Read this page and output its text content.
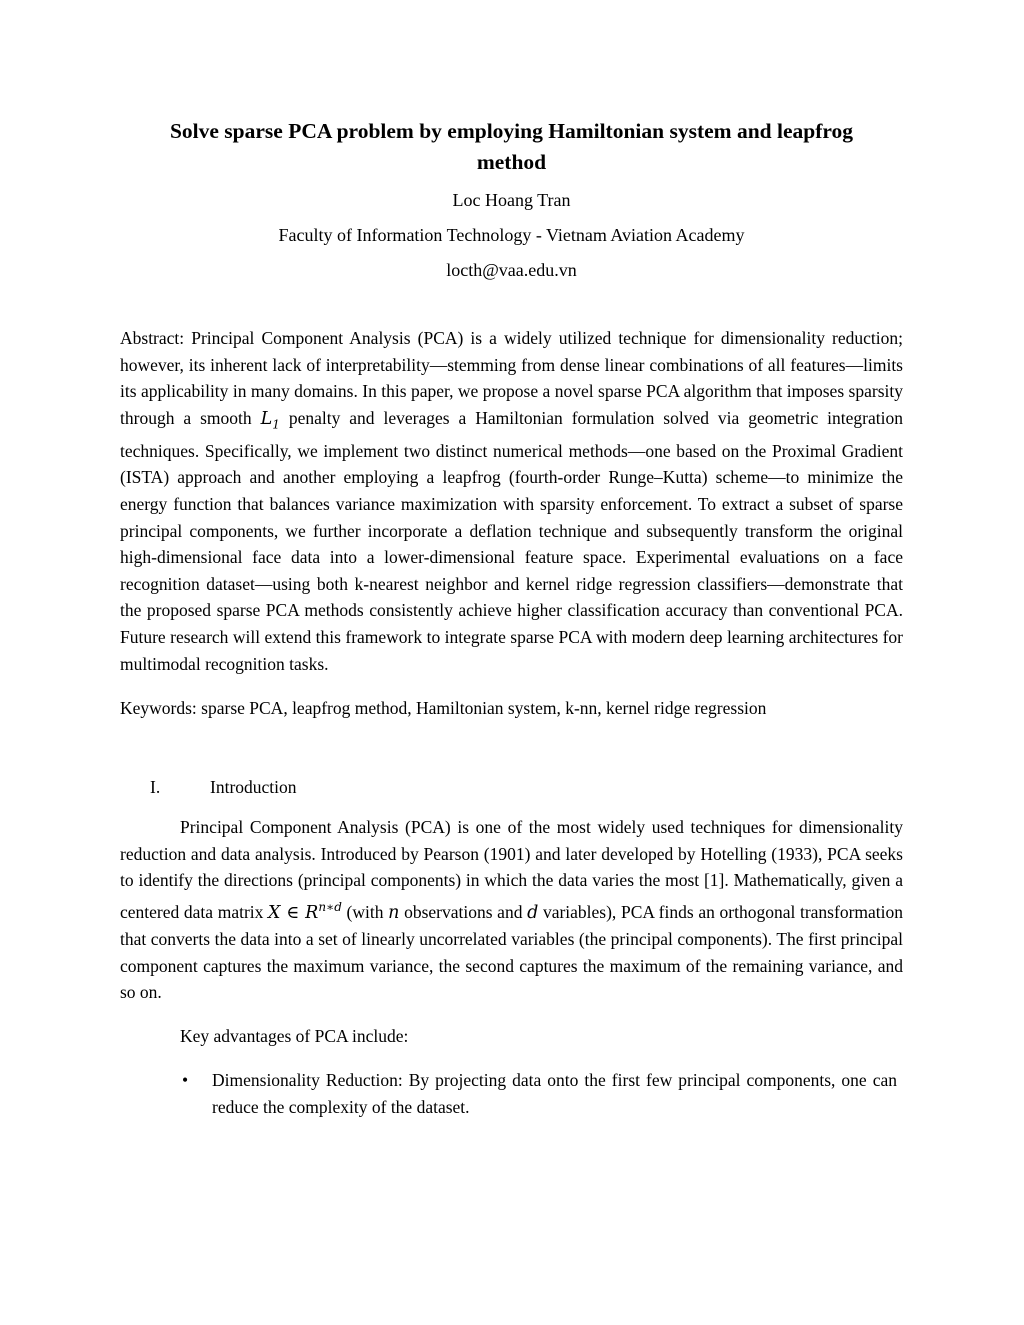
Solve sparse PCA problem by employing Hamiltonian system and leapfrog method
Loc Hoang Tran
Faculty of Information Technology - Vietnam Aviation Academy
locth@vaa.edu.vn

Abstract: Principal Component Analysis (PCA) is a widely utilized technique for dimensionality reduction; however, its inherent lack of interpretability—stemming from dense linear combinations of all features—limits its applicability in many domains. In this paper, we propose a novel sparse PCA algorithm that imposes sparsity through a smooth $L_1$ penalty and leverages a Hamiltonian formulation solved via geometric integration techniques. Specifically, we implement two distinct numerical methods—one based on the Proximal Gradient (ISTA) approach and another employing a leapfrog (fourth-order Runge–Kutta) scheme—to minimize the energy function that balances variance maximization with sparsity enforcement. To extract a subset of sparse principal components, we further incorporate a deflation technique and subsequently transform the original high-dimensional face data into a lower-dimensional feature space. Experimental evaluations on a face recognition dataset—using both k-nearest neighbor and kernel ridge regression classifiers—demonstrate that the proposed sparse PCA methods consistently achieve higher classification accuracy than conventional PCA. Future research will extend this framework to integrate sparse PCA with modern deep learning architectures for multimodal recognition tasks.

Keywords: sparse PCA, leapfrog method, Hamiltonian system, k-nn, kernel ridge regression

I.	Introduction

Principal Component Analysis (PCA) is one of the most widely used techniques for dimensionality reduction and data analysis. Introduced by Pearson (1901) and later developed by Hotelling (1933), PCA seeks to identify the directions (principal components) in which the data varies the most [1]. Mathematically, given a centered data matrix X ∈ $R^{n∗d}$ (with n observations and d variables), PCA finds an orthogonal transformation that converts the data into a set of linearly uncorrelated variables (the principal components). The first principal component captures the maximum variance, the second captures the maximum of the remaining variance, and so on.

Key advantages of PCA include:

•	Dimensionality Reduction: By projecting data onto the first few principal components, one can reduce the complexity of the dataset.
